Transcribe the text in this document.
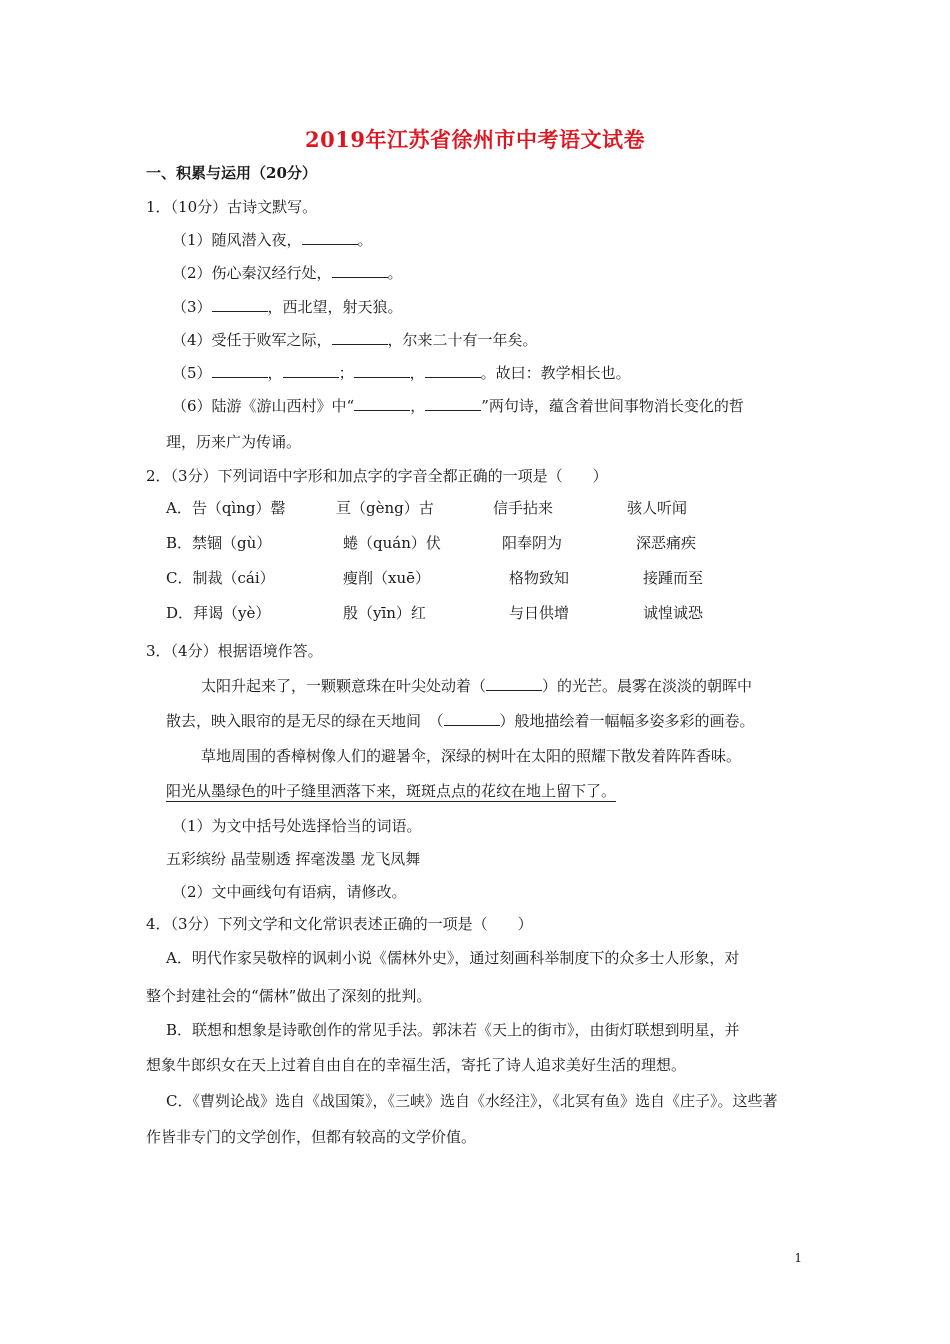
2019年江苏省徐州市中考语文试卷
一、积累与运用（20分）
1．（10分）古诗文默写。
（1）随风潜入夜，	。
（2）伤心秦汉经行处，	。
（3）	，西北望，射天狼。
（4）受任于败军之际，	，尔来二十有一年矣。
（5）	，	；	，	。故曰：教学相长也。
（6）陆游《游山西村》中“	，	”两句诗，蕴含着世间事物消长变化的哲
理，历来广为传诵。
2．（3分）下列词语中字形和加点字的字音全都正确的一项是（　　）
A．告（qìng）罄	亘（gèng）古	信手拈来	骇人听闻
B．禁锢（gù）	蜷（quán）伏	阳奉阴为	深恶痛疾
C．制裁（cái）	瘦削（xuē）	格物致知	接踵而至
D．拜谒（yè）	殷（yīn）红	与日供增	诚惶诚恐
3．（4分）根据语境作答。
太阳升起来了，一颗颗意珠在叶尖处动着（	）的光芒。晨雾在淡淡的朝晖中
散去，映入眼帘的是无尽的绿在天地间　（	）般地描绘着一幅幅多姿多彩的画卷。
草地周围的香樟树像人们的避暑伞，深绿的树叶在太阳的照耀下散发着阵阵香味。
阳光从墨绿色的叶子缝里洒落下来，斑斑点点的花纹在地上留下了。
（1）为文中括号处选择恰当的词语。
五彩缤纷 晶莹剔透 挥毫泼墨 龙飞凤舞
（2）文中画线句有语病，请修改。
4．（3分）下列文学和文化常识表述正确的一项是（　　）
A．明代作家吴敬梓的讽刺小说《儒林外史》，通过刻画科举制度下的众多士人形象，对
整个封建社会的“儒林”做出了深刻的批判。
B．联想和想象是诗歌创作的常见手法。郭沫若《天上的街市》，由街灯联想到明星，并
想象牛郎织女在天上过着自由自在的幸福生活，寄托了诗人追求美好生活的理想。
C．《曹刿论战》选自《战国策》，《三峡》选自《水经注》，《北冥有鱼》选自《庄子》。这些著
作皆非专门的文学创作，但都有较高的文学价值。
1
